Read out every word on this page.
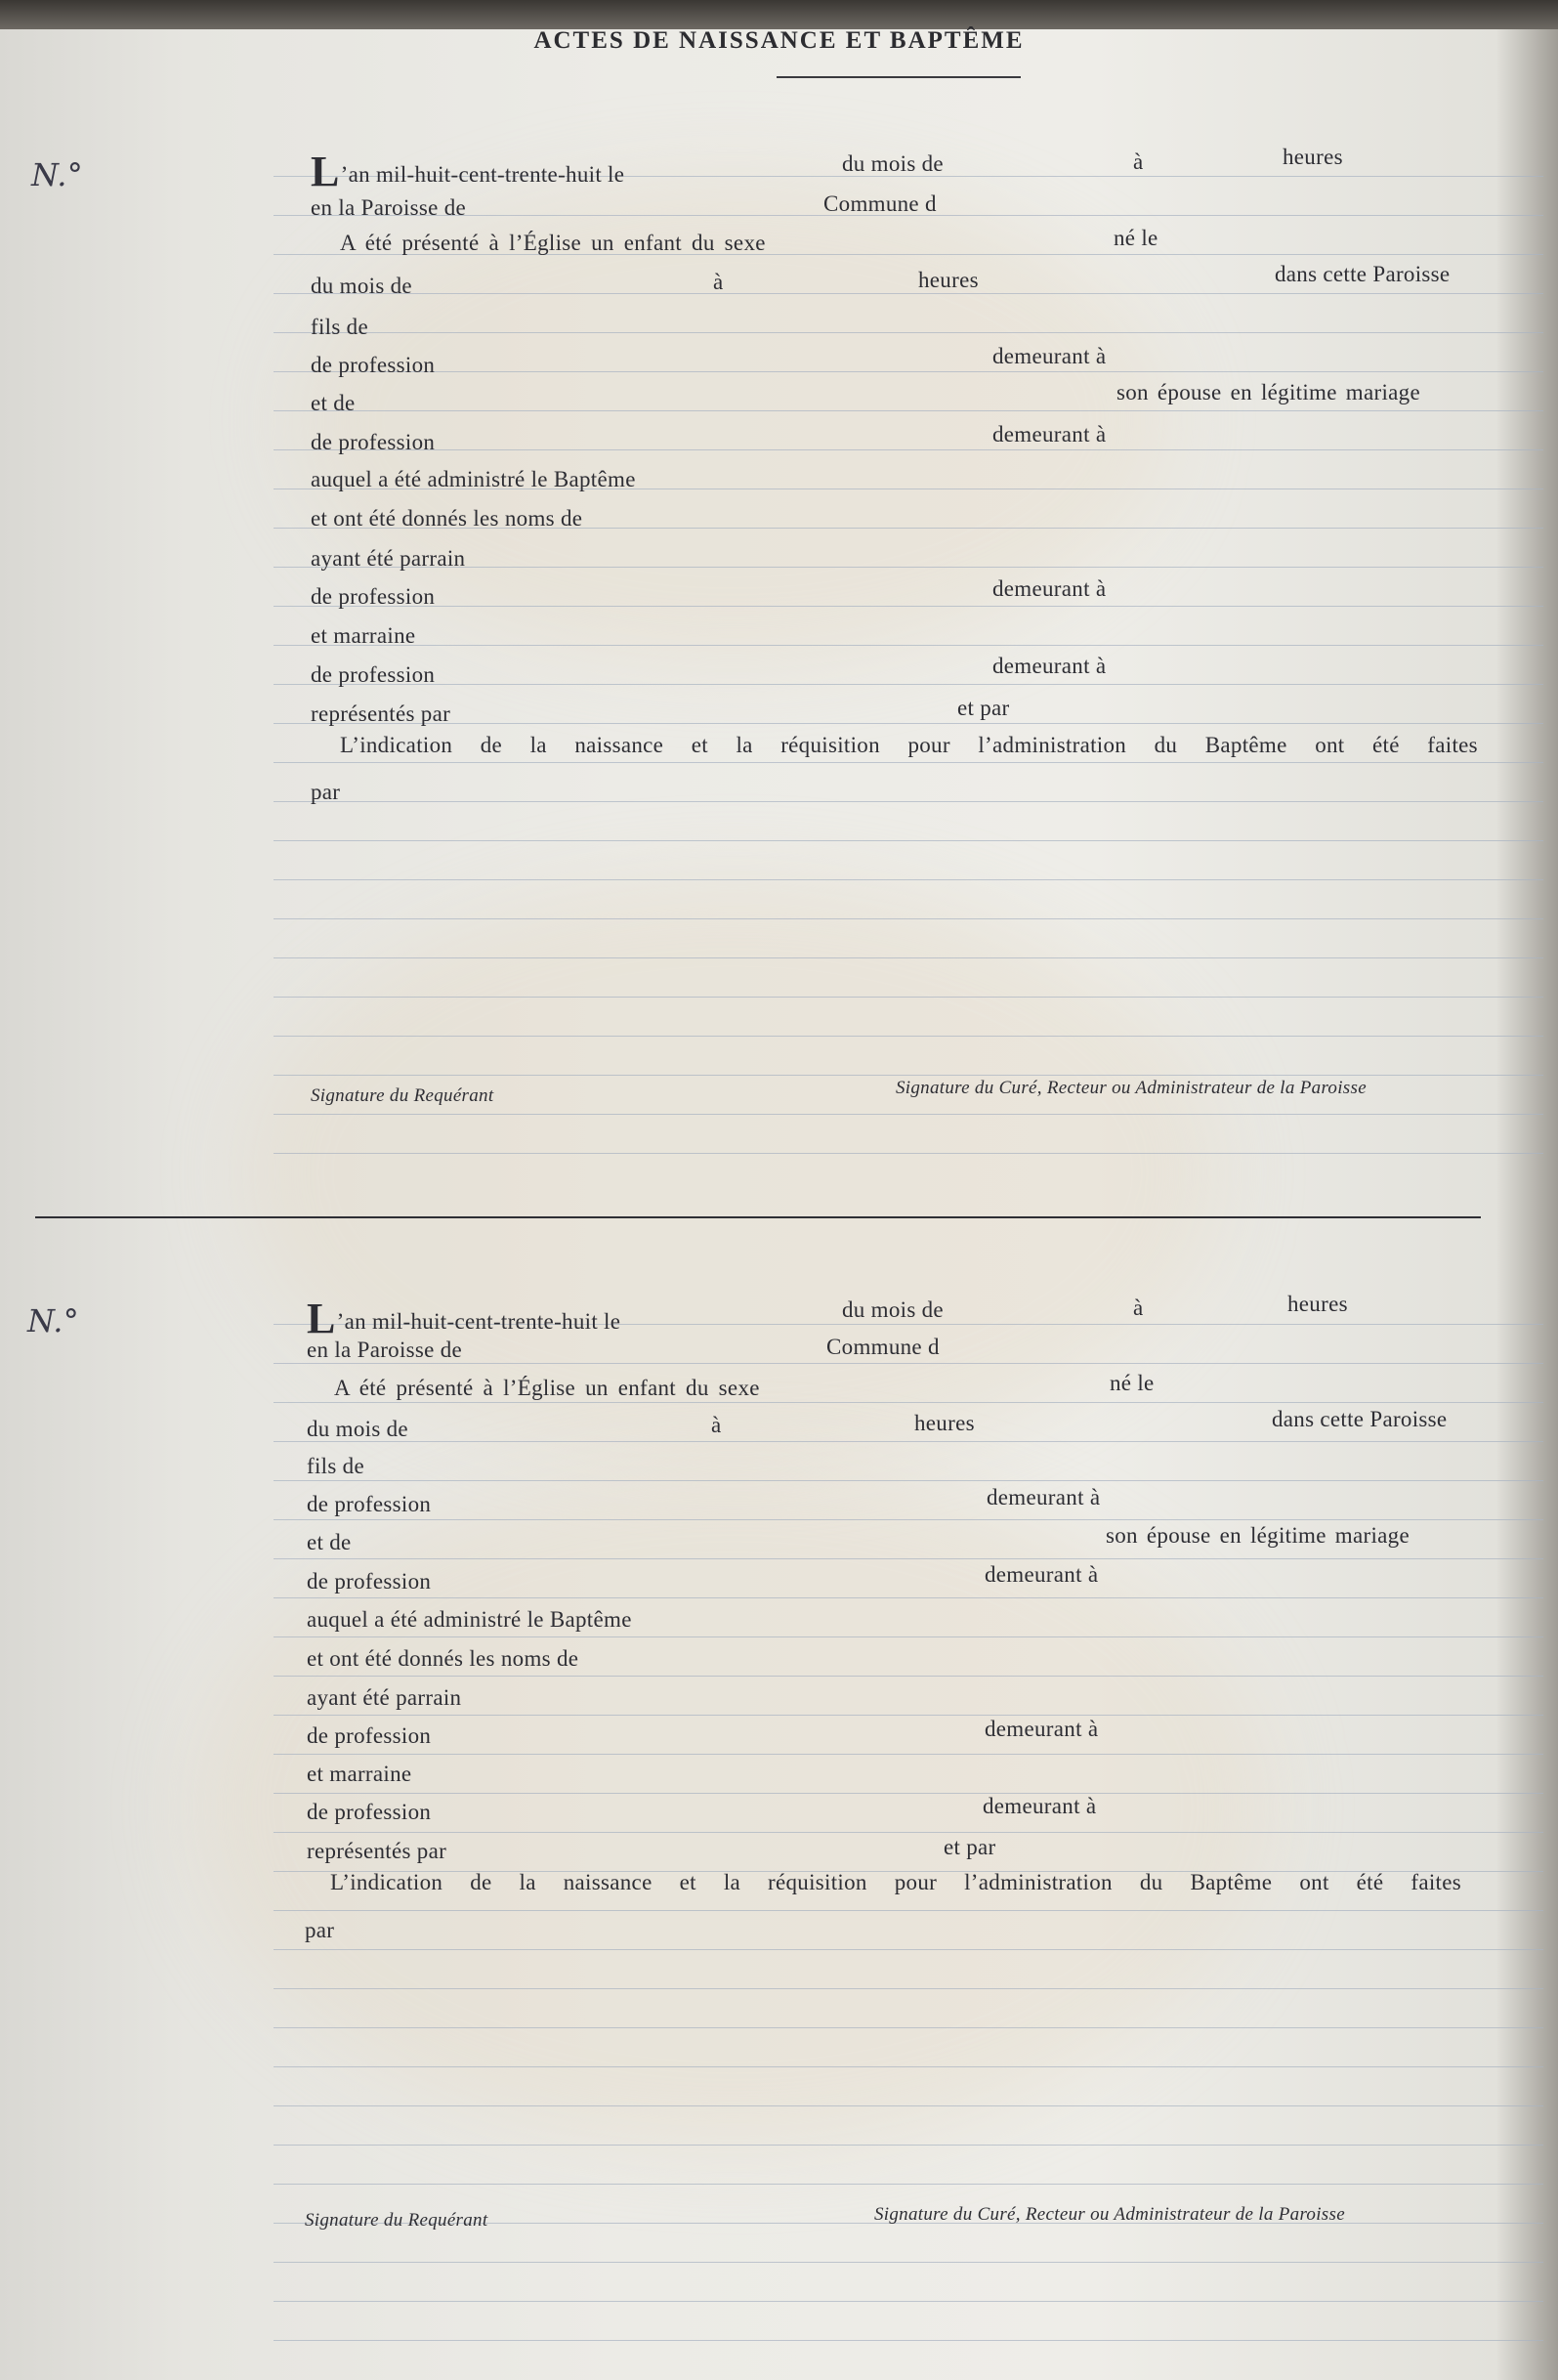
ACTES DE NAISSANCE ET BAPTÊME
N.°	L’an mil-huit-cent-trente-huit le	du mois de	à	heures
en la Paroisse de	Commune d
A été présenté à l’Église un enfant du sexe	né le
du mois de	à	heures	dans cette Paroisse
fils de
de profession	demeurant à
et de	son épouse en légitime mariage
de profession	demeurant à
auquel a été administré le Baptême
et ont été donnés les noms de
ayant été parrain
de profession	demeurant à
et marraine
de profession	demeurant à
représentés par	et par
L’indication de la naissance et la réquisition pour l’administration du Baptême ont été faites
par
Signature du Requérant	Signature du Curé, Recteur ou Administrateur de la Paroisse
N.°	L’an mil-huit-cent-trente-huit le	du mois de	à	heures
en la Paroisse de	Commune d
A été présenté à l’Église un enfant du sexe	né le
du mois de	à	heures	dans cette Paroisse
fils de
de profession	demeurant à
et de	son épouse en légitime mariage
de profession	demeurant à
auquel a été administré le Baptême
et ont été donnés les noms de
ayant été parrain
de profession	demeurant à
et marraine
de profession	demeurant à
représentés par	et par
L’indication de la naissance et la réquisition pour l’administration du Baptême ont été faites
par
Signature du Requérant	Signature du Curé, Recteur ou Administrateur de la Paroisse
